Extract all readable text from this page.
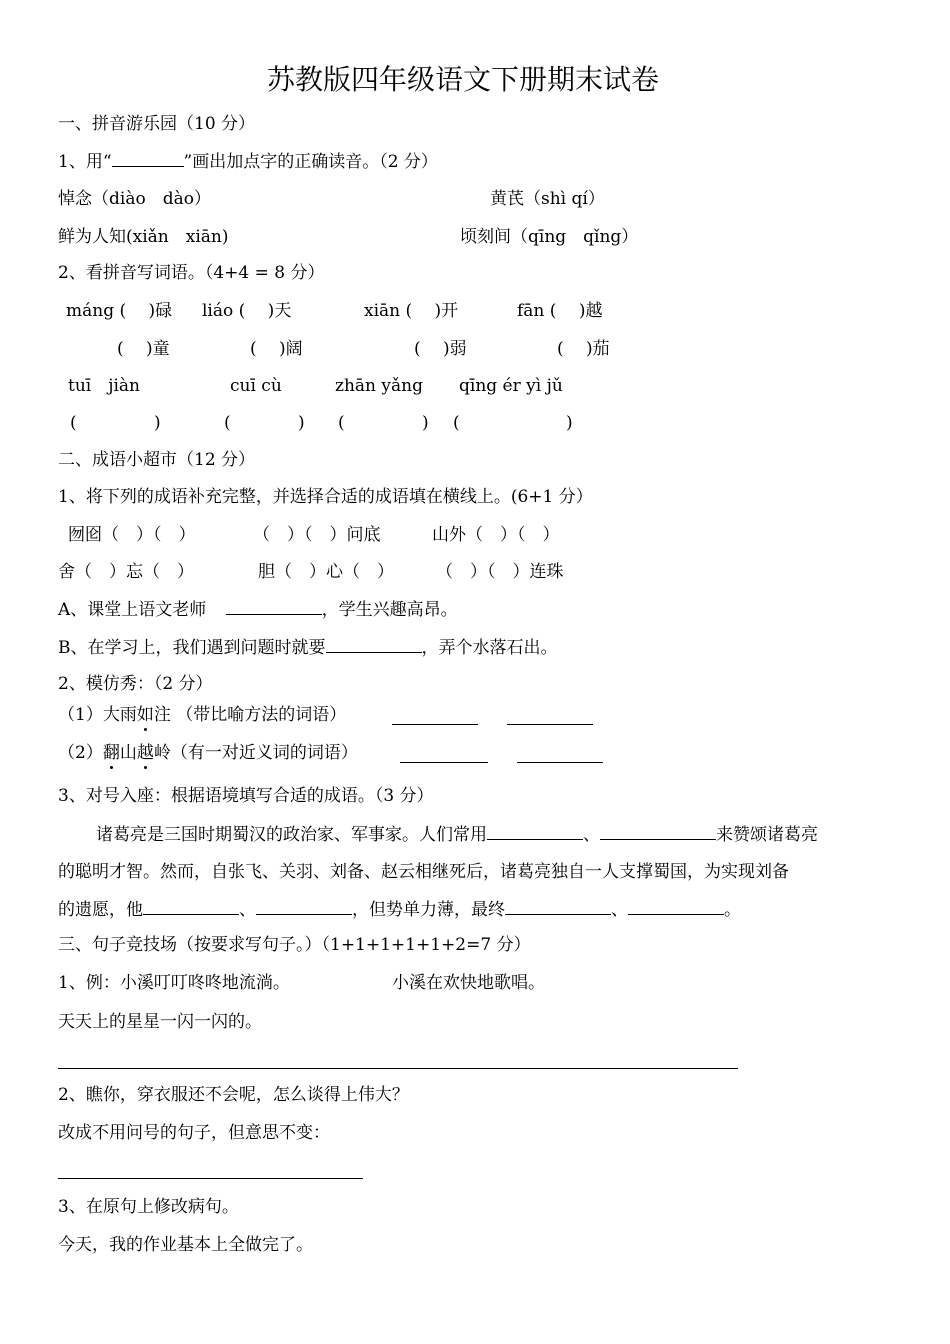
苏教版四年级语文下册期末试卷
一、拼音游乐园（10 分）
1、用“	”画出加点字的正确读音。（2 分）
悼念（diào　dào）	黄芪（shì qí）
鲜为人知(xiǎn　xiān)	顷刻间（qīng　qǐng）
2、看拼音写词语。（4+4 = 8 分）
máng (　 )碌 liáo (　 )天	xiān (　 )开	fān (　 )越
(　 )童	(　 )阔	(　 )弱	(　 )茄
tuī　jiàn	cuī cù	zhān yǎng qīng ér yì jǔ
(	)	(	) (	) (	)
二、成语小超市（12 分）
1、将下列的成语补充完整，并选择合适的成语填在横线上。(6+1 分）
囫囵（　）（　）	（　）（　）问底	山外（　）（　）
舍（　）忘（　）	胆（　）心（　） （　）（　）连珠
A、课堂上语文老师	，学生兴趣高昂。
B、在学习上，我们遇到问题时就要	，弄个水落石出。
2、模仿秀：（2 分）
（1）大雨如注 （带比喻方法的词语）
（2）翻山越岭（有一对近义词的词语）
3、对号入座：根据语境填写合适的成语。（3 分）
诸葛亮是三国时期蜀汉的政治家、军事家。人们常用	、	来赞颂诸葛亮
的聪明才智。然而，自张飞、关羽、刘备、赵云相继死后，诸葛亮独自一人支撑蜀国，为实现刘备
的遗愿，他	、	，但势单力薄，最终	、	。
三、句子竞技场（按要求写句子。）（1+1+1+1+1+2=7 分）
1、例：小溪叮叮咚咚地流淌。	小溪在欢快地歌唱。
天天上的星星一闪一闪的。
2、瞧你，穿衣服还不会呢，怎么谈得上伟大？
改成不用问号的句子，但意思不变：
3、在原句上修改病句。
今天，我的作业基本上全做完了。
